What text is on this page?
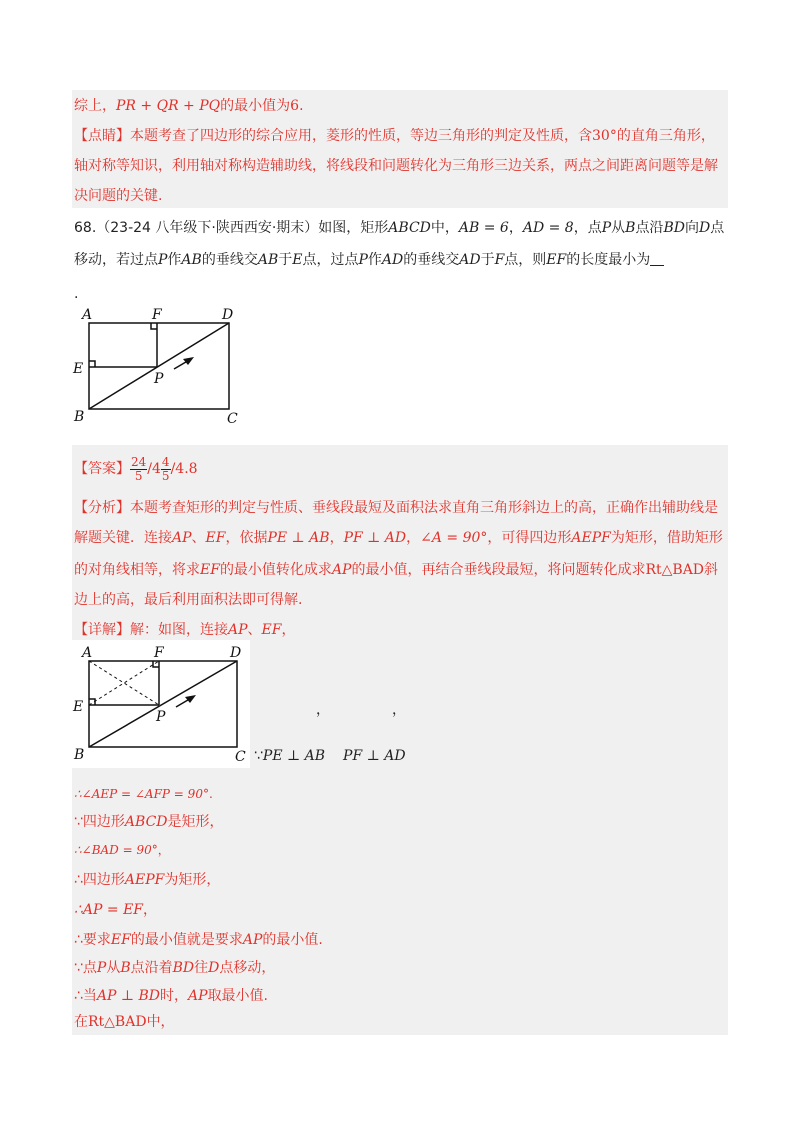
综上，PR + QR + PQ的最小值为6.
【点睛】本题考查了四边形的综合应用，菱形的性质，等边三角形的判定及性质，含30°的直角三角形，
轴对称等知识，利用轴对称构造辅助线，将线段和问题转化为三角形三边关系，两点之间距离问题等是解
决问题的关键.
68.（23-24 八年级下·陕西西安·期末）如图，矩形ABCD中，AB = 6，AD = 8，点P从B点沿BD向D点
移动，若过点P作AB的垂线交AB于E点，过点P作AD的垂线交AD于F点，则EF的长度最小为
.
A	F	D
E
P
B	C
【答案】 $\frac{24}{5} /4 \frac{4}{5} /4.8$
【分析】本题考查矩形的判定与性质、垂线段最短及面积法求直角三角形斜边上的高，正确作出辅助线是
解题关键．连接AP、EF，依据PE ⊥ AB，PF ⊥ AD，∠A = 90°，可得四边形AEPF为矩形，借助矩形
的对角线相等，将求EF的最小值转化成求AP的最小值，再结合垂线段最短，将问题转化成求Rt△BAD斜
边上的高，最后利用面积法即可得解.
【详解】解：如图，连接AP、EF，
A	F	D
E
P
B	C
，	，
∵PE ⊥ AB PF ⊥ AD
∴∠AEP = ∠AFP = 90°.
∵四边形ABCD是矩形，
∴∠BAD = 90°，
∴四边形AEPF为矩形，
∴AP = EF，
∴要求EF的最小值就是要求AP的最小值.
∵点P从B点沿着BD往D点移动，
∴当AP ⊥ BD时，AP取最小值.
在Rt△BAD中，
